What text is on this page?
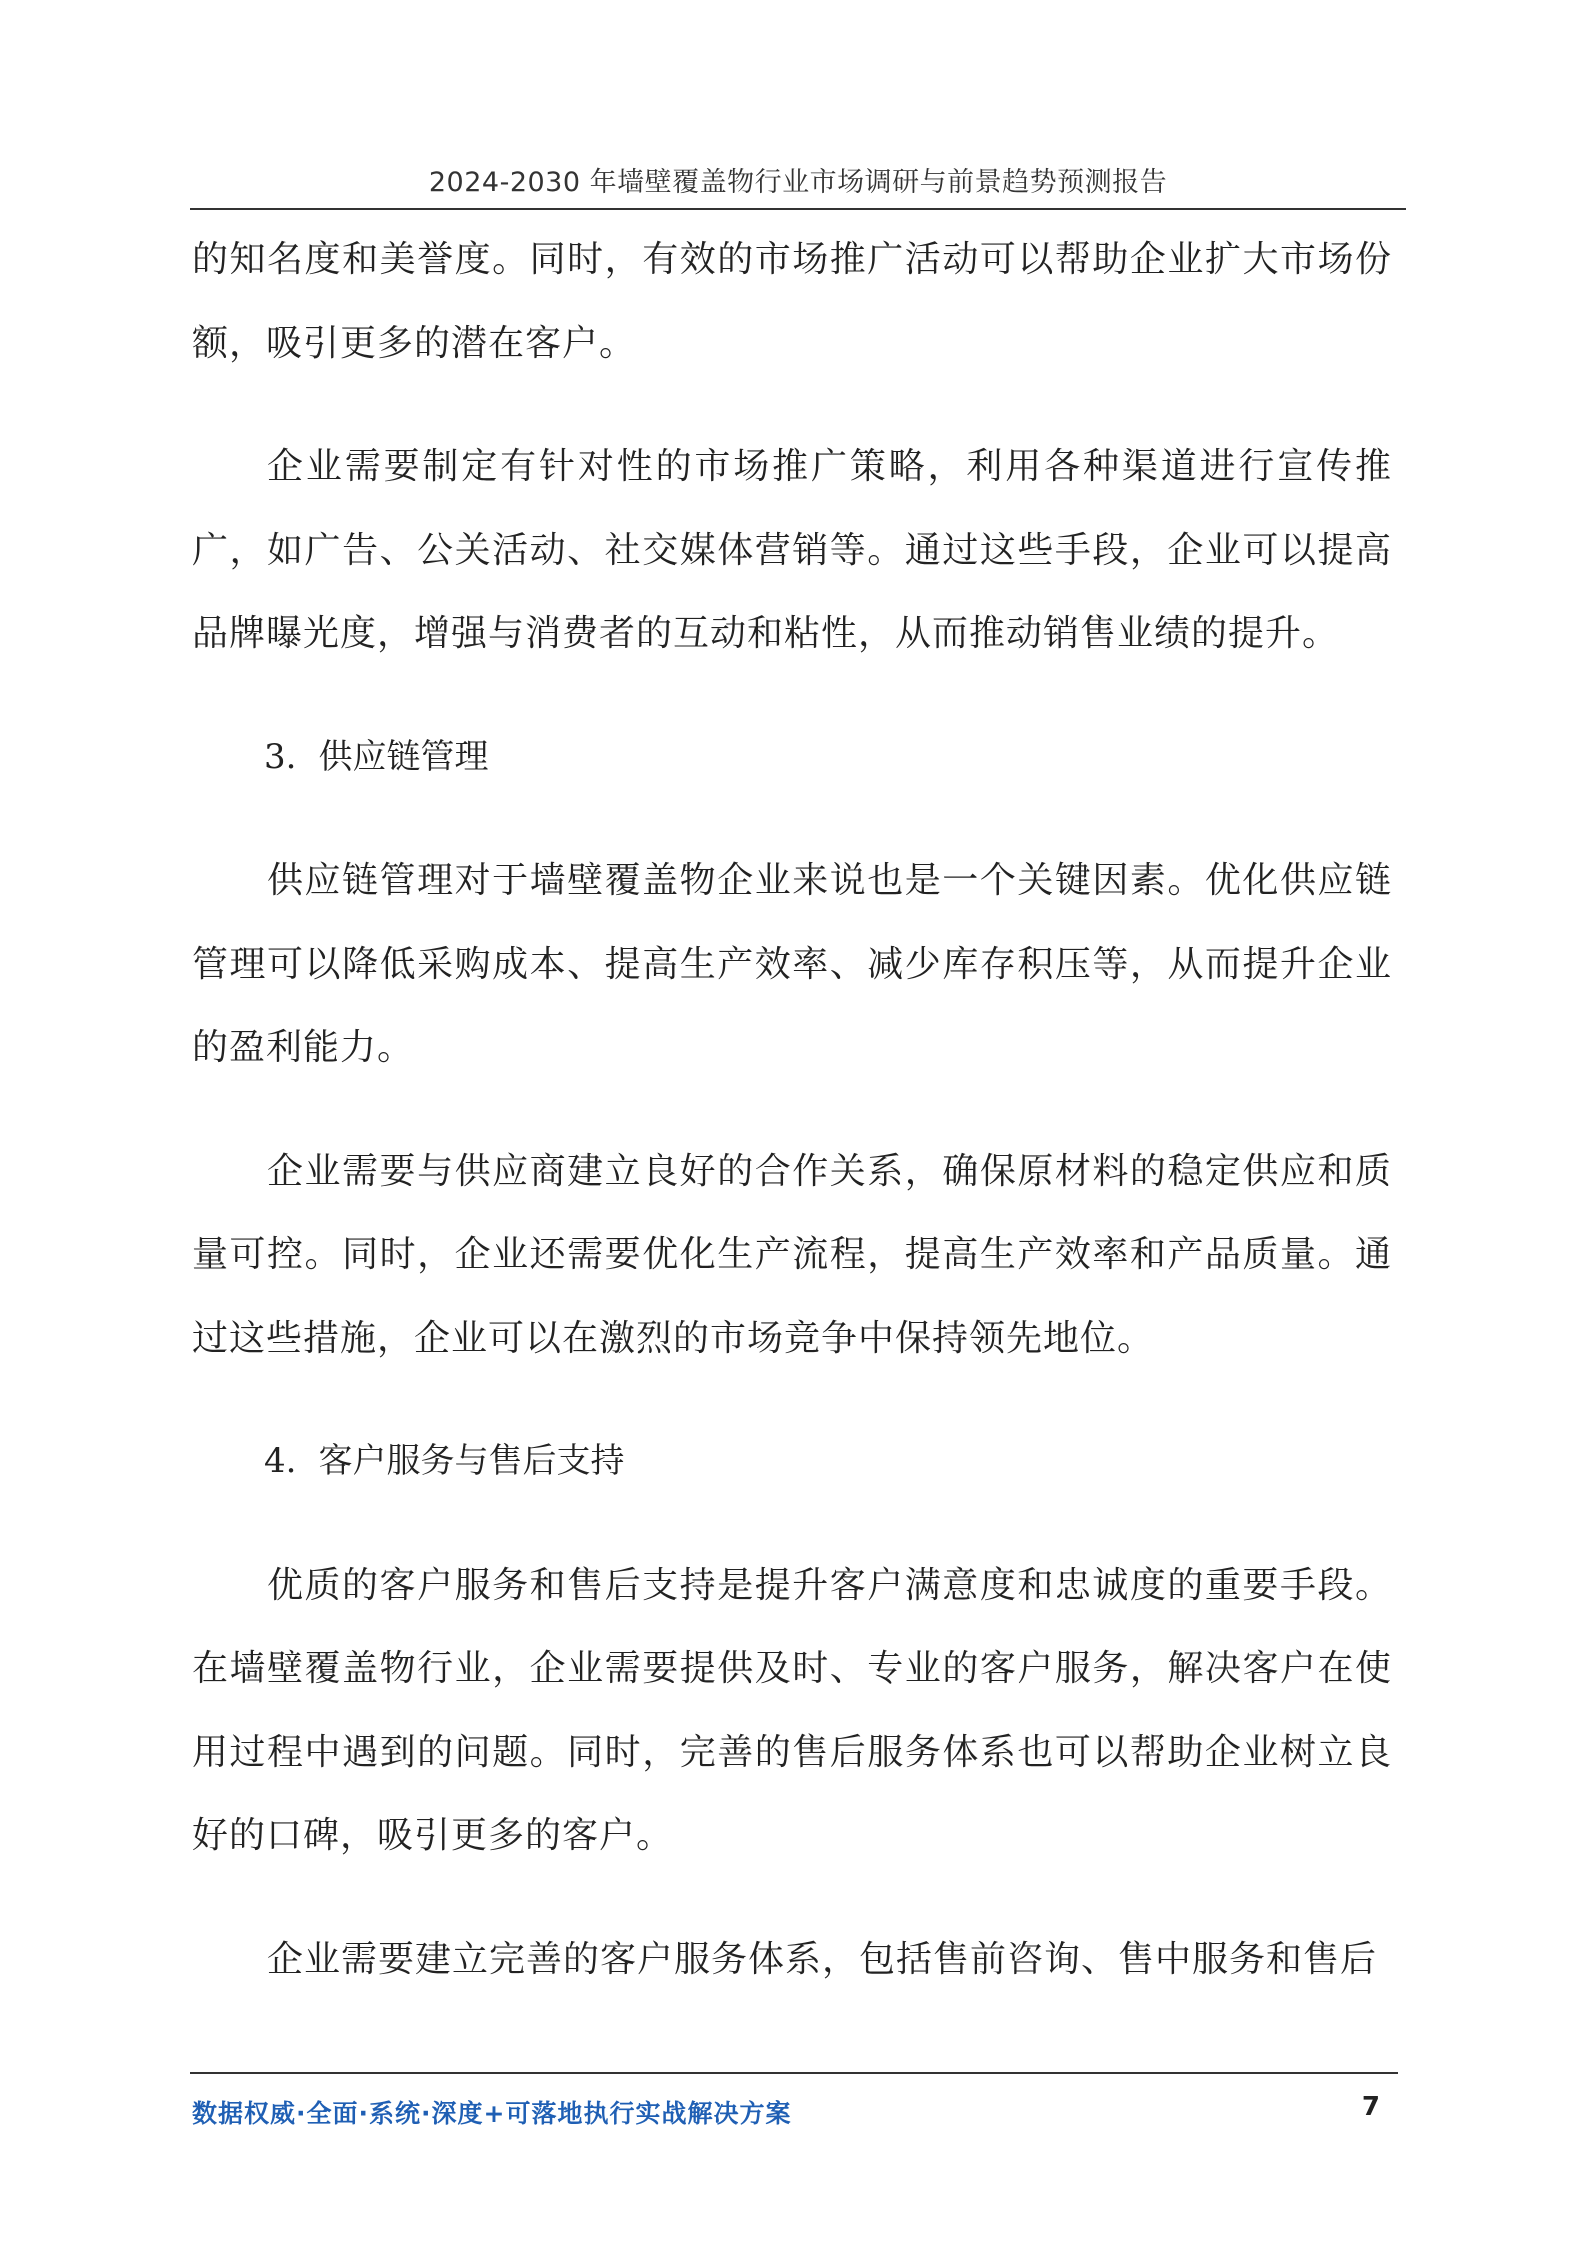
2024-2030 年墙壁覆盖物行业市场调研与前景趋势预测报告

的知名度和美誉度。同时，有效的市场推广活动可以帮助企业扩大市场份额，吸引更多的潜在客户。

企业需要制定有针对性的市场推广策略，利用各种渠道进行宣传推广，如广告、公关活动、社交媒体营销等。通过这些手段，企业可以提高品牌曝光度，增强与消费者的互动和粘性，从而推动销售业绩的提升。

3. 供应链管理

供应链管理对于墙壁覆盖物企业来说也是一个关键因素。优化供应链管理可以降低采购成本、提高生产效率、减少库存积压等，从而提升企业的盈利能力。

企业需要与供应商建立良好的合作关系，确保原材料的稳定供应和质量可控。同时，企业还需要优化生产流程，提高生产效率和产品质量。通过这些措施，企业可以在激烈的市场竞争中保持领先地位。

4. 客户服务与售后支持

优质的客户服务和售后支持是提升客户满意度和忠诚度的重要手段。在墙壁覆盖物行业，企业需要提供及时、专业的客户服务，解决客户在使用过程中遇到的问题。同时，完善的售后服务体系也可以帮助企业树立良好的口碑，吸引更多的客户。

企业需要建立完善的客户服务体系，包括售前咨询、售中服务和售后

数据权威·全面·系统·深度+可落地执行实战解决方案	7
